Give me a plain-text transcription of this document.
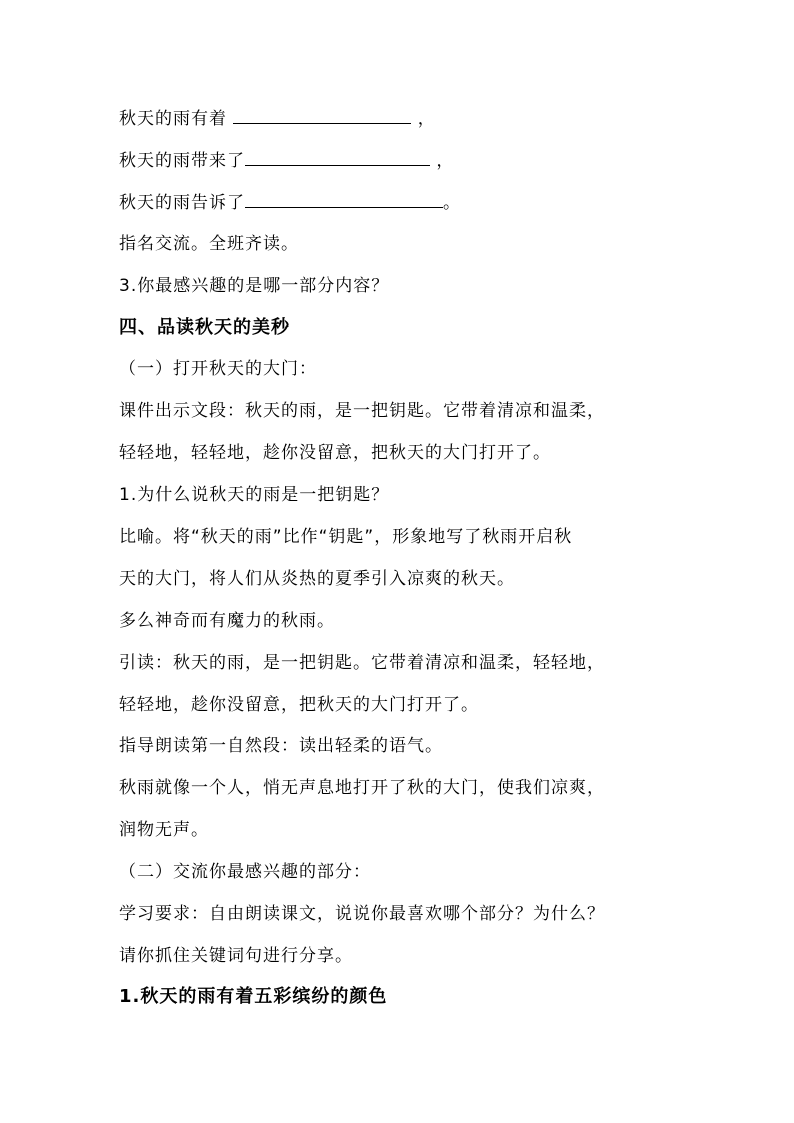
秋天的雨有着	，
秋天的雨带来了	，
秋天的雨告诉了	。
指名交流。全班齐读。
3.你最感兴趣的是哪一部分内容？
四、品读秋天的美秒
（一）打开秋天的大门：
课件出示文段：秋天的雨，是一把钥匙。它带着清凉和温柔，
轻轻地，轻轻地，趁你没留意，把秋天的大门打开了。
1.为什么说秋天的雨是一把钥匙？
比喻。将“秋天的雨”比作“钥匙”，形象地写了秋雨开启秋
天的大门，将人们从炎热的夏季引入凉爽的秋天。
多么神奇而有魔力的秋雨。
引读：秋天的雨，是一把钥匙。它带着清凉和温柔，轻轻地，
轻轻地，趁你没留意，把秋天的大门打开了。
指导朗读第一自然段：读出轻柔的语气。
秋雨就像一个人，悄无声息地打开了秋的大门，使我们凉爽，
润物无声。
（二）交流你最感兴趣的部分：
学习要求：自由朗读课文，说说你最喜欢哪个部分？为什么？
请你抓住关键词句进行分享。
1.秋天的雨有着五彩缤纷的颜色
